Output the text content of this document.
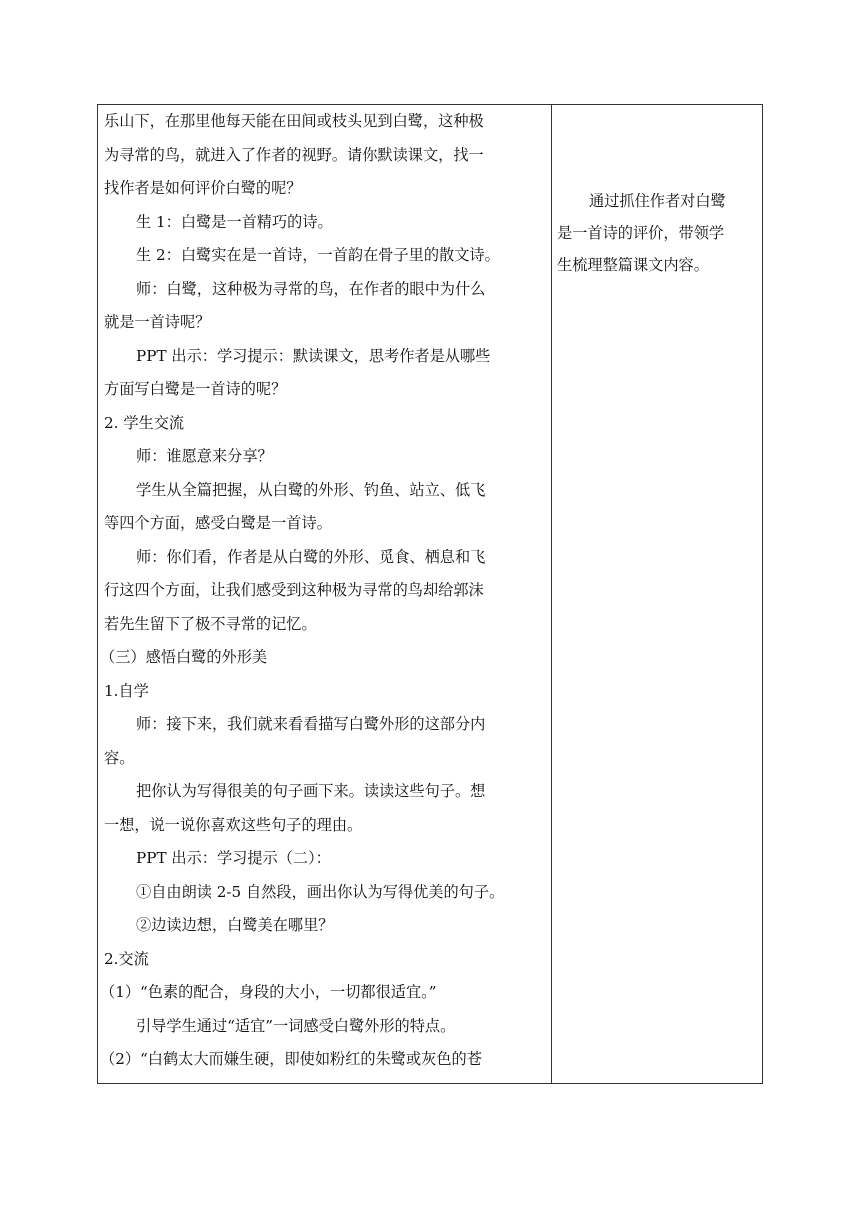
乐山下，在那里他每天能在田间或枝头见到白鹭，这种极
为寻常的鸟，就进入了作者的视野。请你默读课文，找一
找作者是如何评价白鹭的呢？
生 1：白鹭是一首精巧的诗。
生 2：白鹭实在是一首诗，一首韵在骨子里的散文诗。
师：白鹭，这种极为寻常的鸟，在作者的眼中为什么
就是一首诗呢？
PPT 出示：学习提示：默读课文，思考作者是从哪些
方面写白鹭是一首诗的呢？
2. 学生交流
师：谁愿意来分享？
学生从全篇把握，从白鹭的外形、钓鱼、站立、低飞
等四个方面，感受白鹭是一首诗。
师：你们看，作者是从白鹭的外形、觅食、栖息和飞
行这四个方面，让我们感受到这种极为寻常的鸟却给郭沫
若先生留下了极不寻常的记忆。
（三）感悟白鹭的外形美
1.自学
师：接下来，我们就来看看描写白鹭外形的这部分内
容。
把你认为写得很美的句子画下来。读读这些句子。想
一想，说一说你喜欢这些句子的理由。
PPT 出示：学习提示（二）：
①自由朗读 2-5 自然段，画出你认为写得优美的句子。
②边读边想，白鹭美在哪里？
2.交流
（1）“色素的配合，身段的大小，一切都很适宜。”
引导学生通过“适宜”一词感受白鹭外形的特点。
（2）“白鹤太大而嫌生硬，即使如粉红的朱鹭或灰色的苍
通过抓住作者对白鹭
是一首诗的评价，带领学
生梳理整篇课文内容。
